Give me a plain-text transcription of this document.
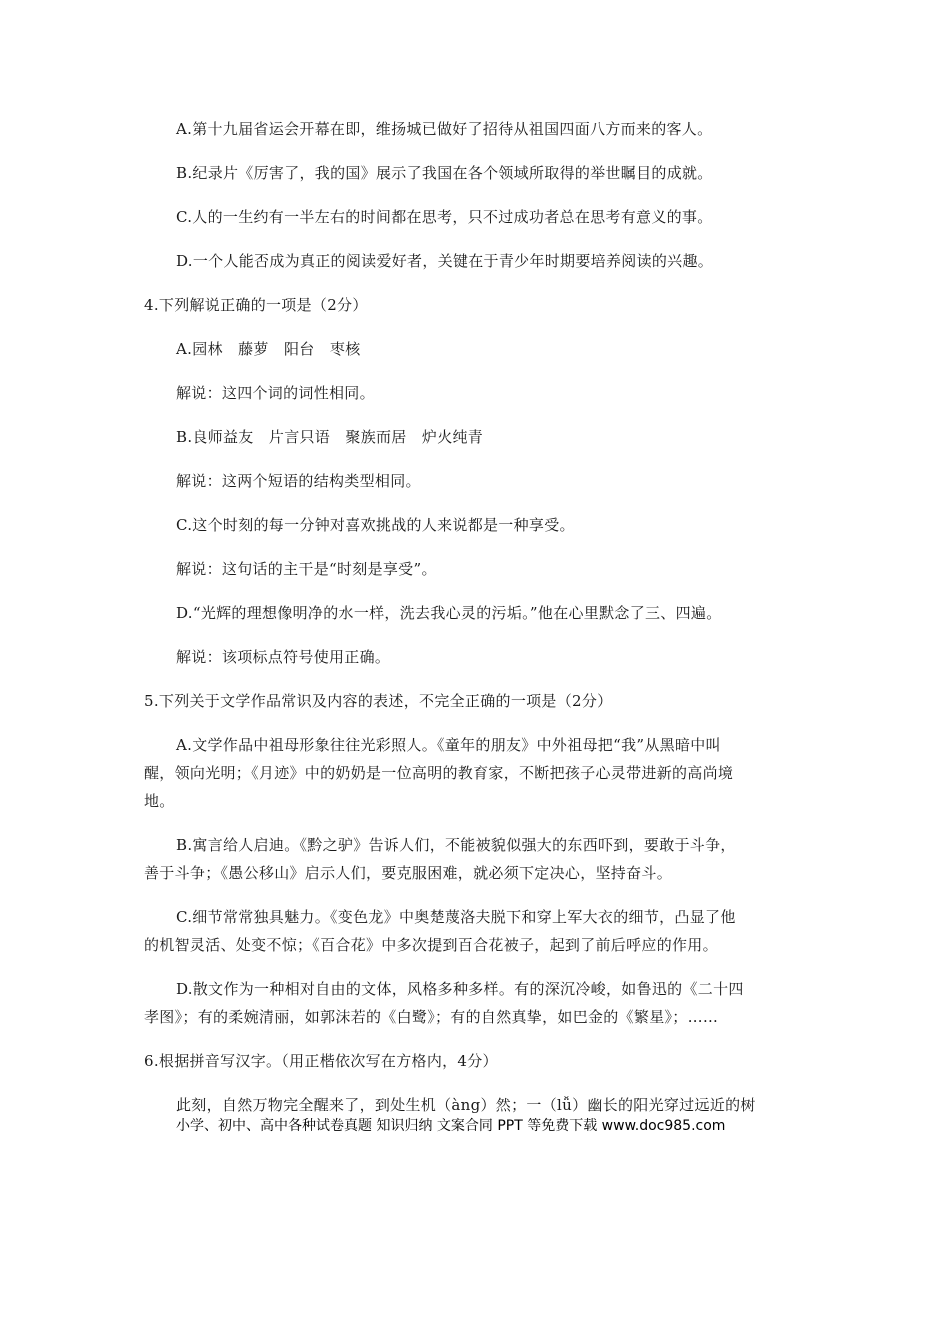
A.第十九届省运会开幕在即，维扬城已做好了招待从祖国四面八方而来的客人。
B.纪录片《厉害了，我的国》展示了我国在各个领域所取得的举世瞩目的成就。
C.人的一生约有一半左右的时间都在思考，只不过成功者总在思考有意义的事。
D.一个人能否成为真正的阅读爱好者，关键在于青少年时期要培养阅读的兴趣。
4.下列解说正确的一项是（2分）
A.园林　藤萝　阳台　枣核
解说：这四个词的词性相同。
B.良师益友　片言只语　聚族而居　炉火纯青
解说：这两个短语的结构类型相同。
C.这个时刻的每一分钟对喜欢挑战的人来说都是一种享受。
解说：这句话的主干是“时刻是享受”。
D.“光辉的理想像明净的水一样，洗去我心灵的污垢。”他在心里默念了三、四遍。
解说：该项标点符号使用正确。
5.下列关于文学作品常识及内容的表述，不完全正确的一项是（2分）
A.文学作品中祖母形象往往光彩照人。《童年的朋友》中外祖母把“我”从黑暗中叫
醒，领向光明；《月迹》中的奶奶是一位高明的教育家，不断把孩子心灵带进新的高尚境
地。
B.寓言给人启迪。《黔之驴》告诉人们，不能被貌似强大的东西吓到，要敢于斗争，
善于斗争；《愚公移山》启示人们，要克服困难，就必须下定决心，坚持奋斗。
C.细节常常独具魅力。《变色龙》中奥楚蔑洛夫脱下和穿上军大衣的细节，凸显了他
的机智灵活、处变不惊；《百合花》中多次提到百合花被子，起到了前后呼应的作用。
D.散文作为一种相对自由的文体，风格多种多样。有的深沉冷峻，如鲁迅的《二十四
孝图》；有的柔婉清丽，如郭沫若的《白鹭》；有的自然真挚，如巴金的《繁星》；……
6.根据拼音写汉字。（用正楷依次写在方格内，4分）
此刻，自然万物完全醒来了，到处生机（àng）然；一（lǚ）幽长的阳光穿过远近的树
小学、初中、高中各种试卷真题 知识归纳 文案合同 PPT 等免费下载 www.doc985.com
